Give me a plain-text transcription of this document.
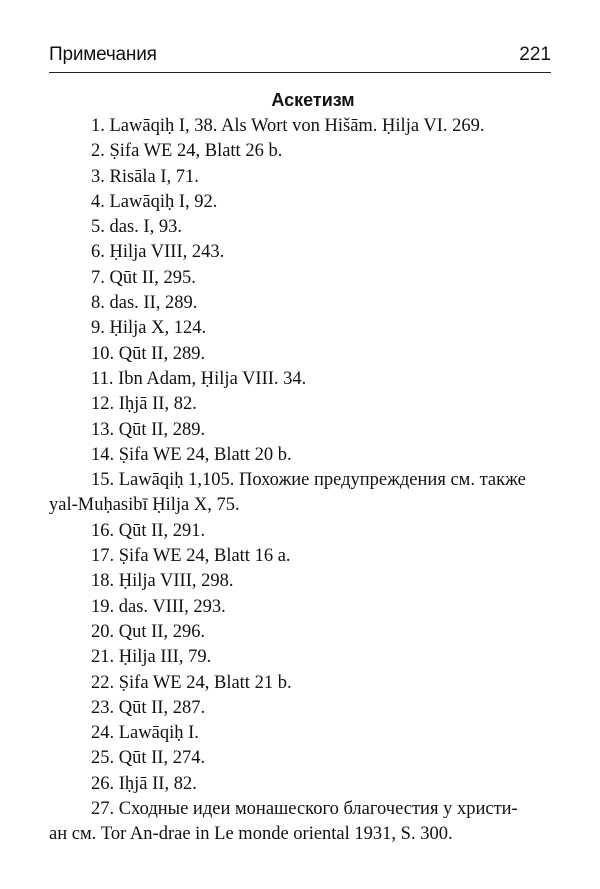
Примечания	221
Аскетизм
1. Lawāqiḥ I, 38. Als Wort von Hišām. Ḥilja VI. 269.
2. Ṣifa WE 24, Blatt 26 b.
3. Risāla I, 71.
4. Lawāqiḥ I, 92.
5. das. I, 93.
6. Ḥilja VIII, 243.
7. Qūt II, 295.
8. das. II, 289.
9. Ḥilja X, 124.
10. Qūt II, 289.
11. Ibn Adam, Ḥilja VIII. 34.
12. Iḥjā II, 82.
13. Qūt II, 289.
14. Ṣifa WE 24, Blatt 20 b.
15. Lawāqiḥ 1,105. Похожие предупреждения см. также
yal-Muḥasibī Ḥilja X, 75.
16. Qūt II, 291.
17. Ṣifa WE 24, Blatt 16 a.
18. Ḥilja VIII, 298.
19. das. VIII, 293.
20. Qut II, 296.
21. Ḥilja III, 79.
22. Ṣifa WE 24, Blatt 21 b.
23. Qūt II, 287.
24. Lawāqiḥ I.
25. Qūt II, 274.
26. Iḥjā II, 82.
27. Сходные идеи монашеского благочестия у христи-
ан см. Tor An-drae in Le monde oriental 1931, S. 300.
